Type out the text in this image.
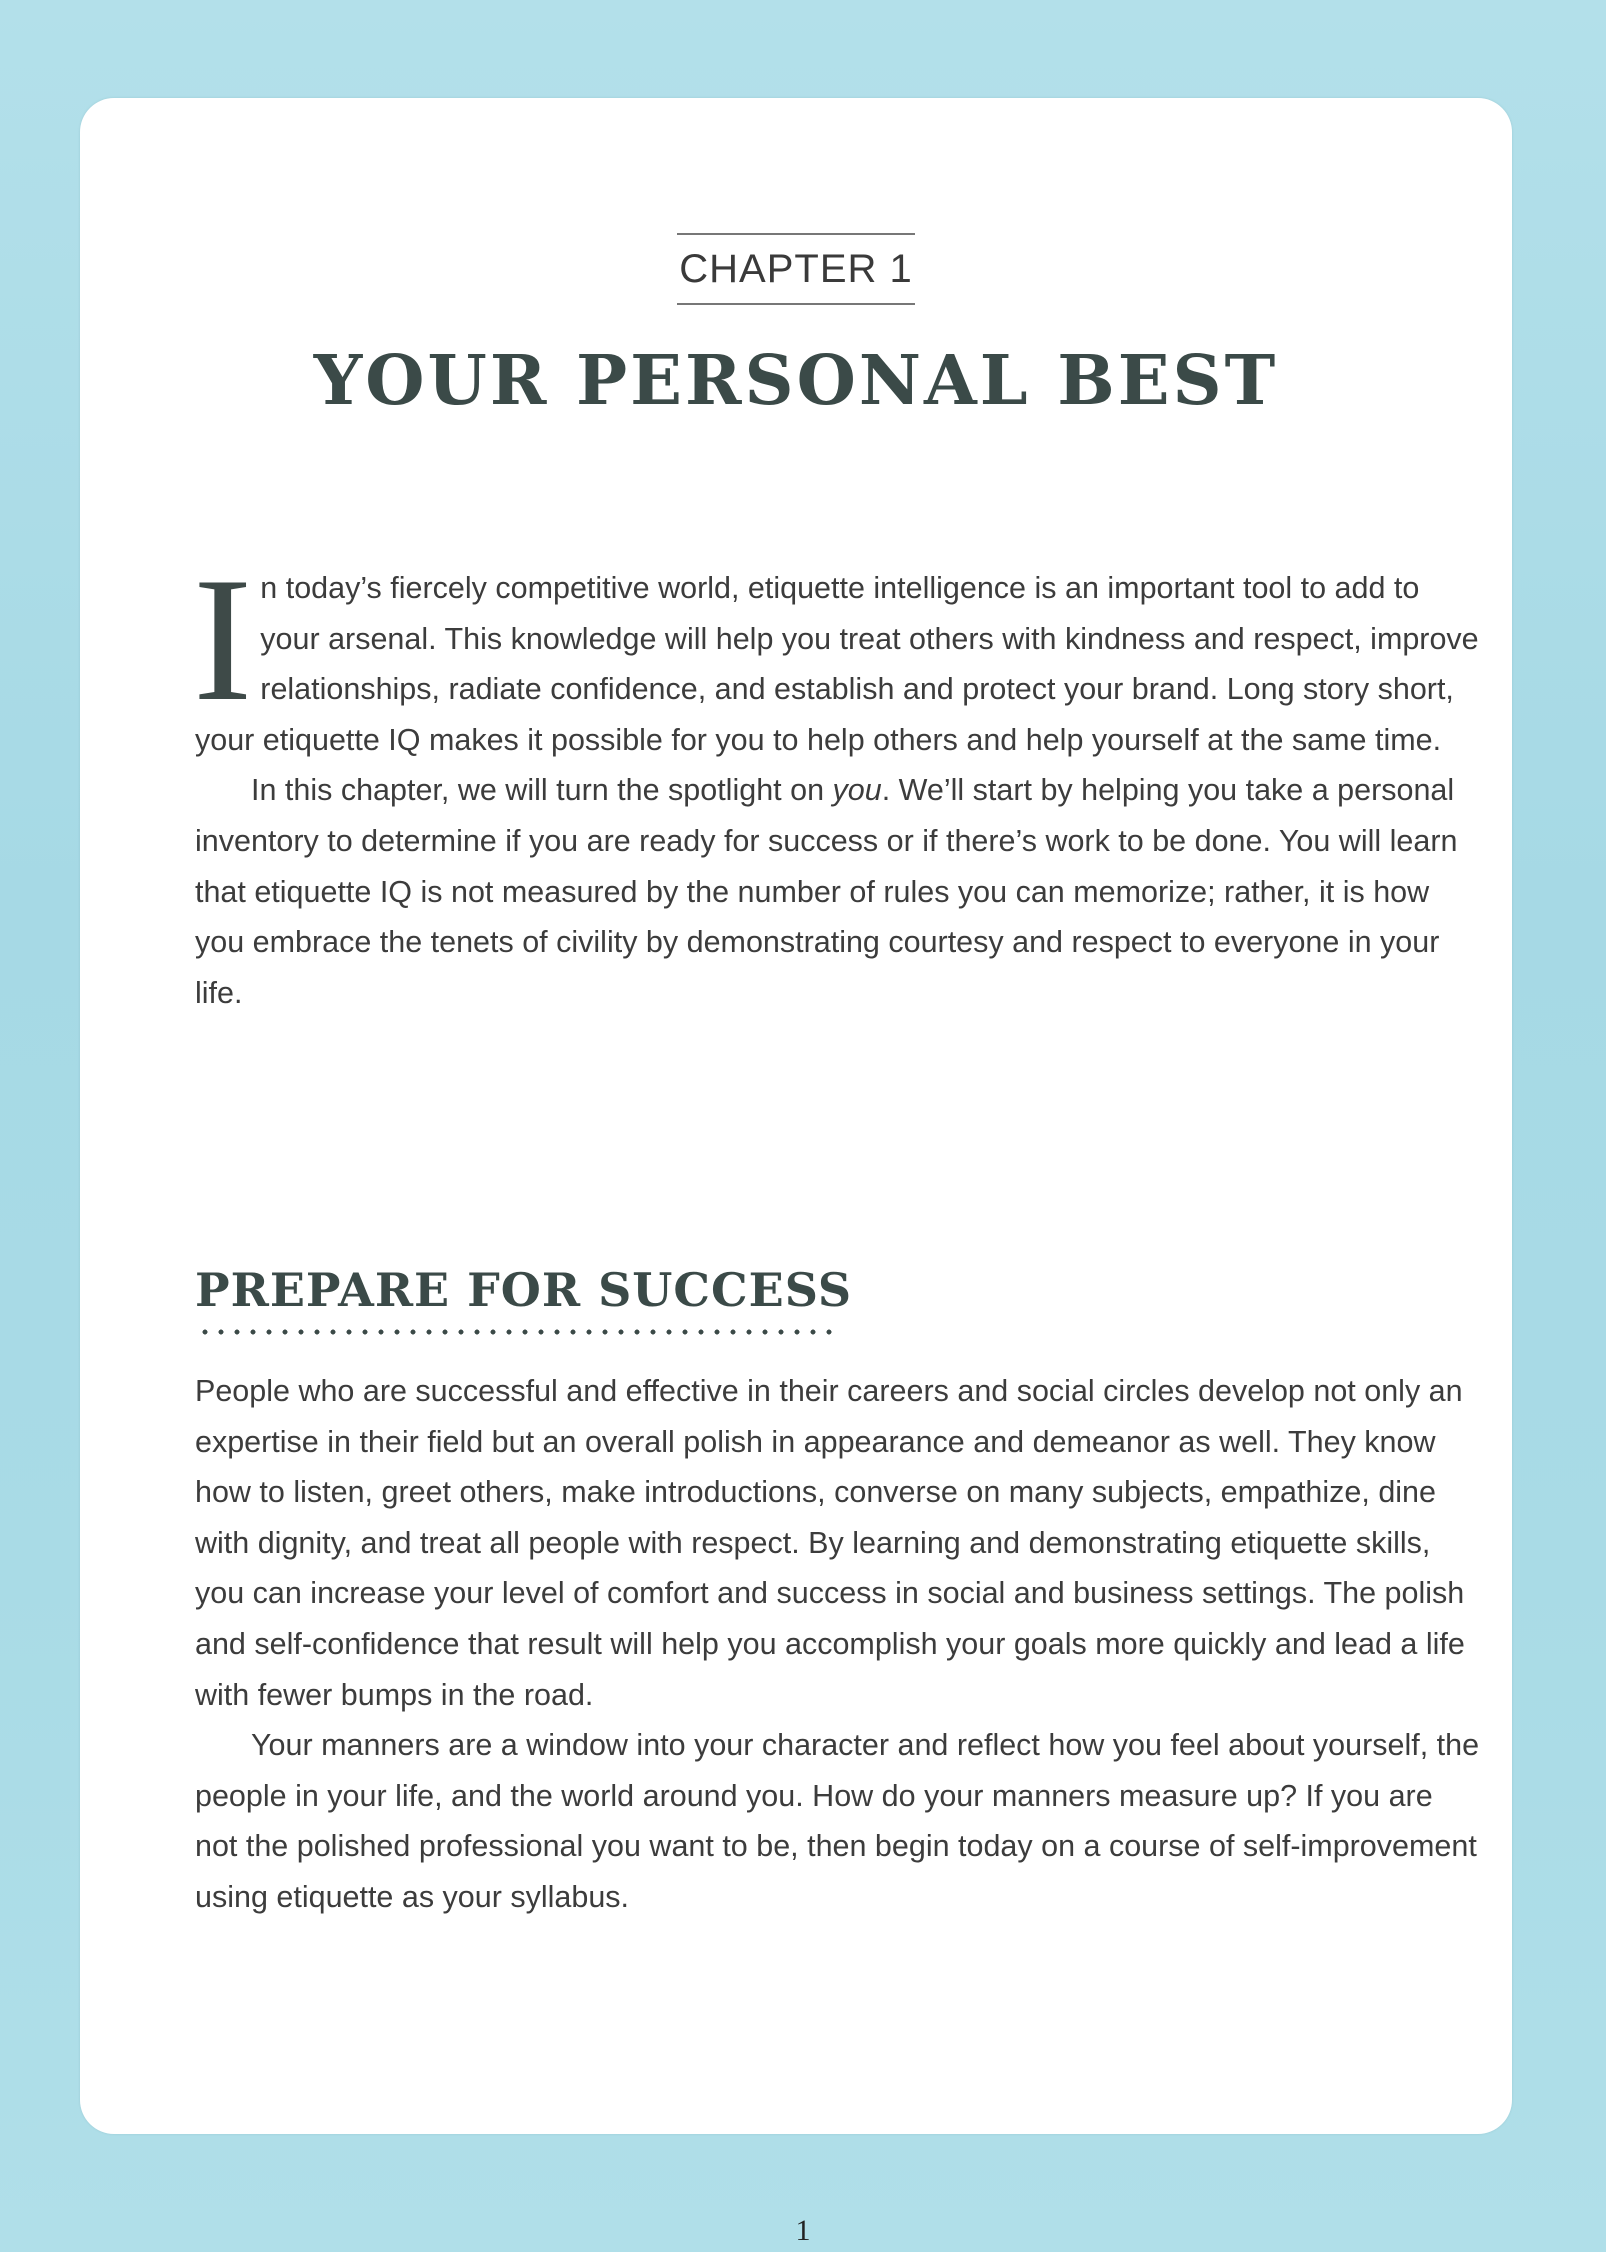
CHAPTER 1
YOUR PERSONAL BEST

In today’s fiercely competitive world, etiquette intelligence is an important tool to add to your arsenal. This knowledge will help you treat others with kindness and respect, improve relationships, radiate confidence, and establish and protect your brand. Long story short, your etiquette IQ makes it possible for you to help others and help yourself at the same time.

In this chapter, we will turn the spotlight on you. We’ll start by helping you take a personal inventory to determine if you are ready for success or if there’s work to be done. You will learn that etiquette IQ is not measured by the number of rules you can memorize; rather, it is how you embrace the tenets of civility by demonstrating courtesy and respect to everyone in your life.

PREPARE FOR SUCCESS

People who are successful and effective in their careers and social circles develop not only an expertise in their field but an overall polish in appearance and demeanor as well. They know how to listen, greet others, make introductions, converse on many subjects, empathize, dine with dignity, and treat all people with respect. By learning and demonstrating etiquette skills, you can increase your level of comfort and success in social and business settings. The polish and self-confidence that result will help you accomplish your goals more quickly and lead a life with fewer bumps in the road.

Your manners are a window into your character and reflect how you feel about yourself, the people in your life, and the world around you. How do your manners measure up? If you are not the polished professional you want to be, then begin today on a course of self-improvement using etiquette as your syllabus.

1
